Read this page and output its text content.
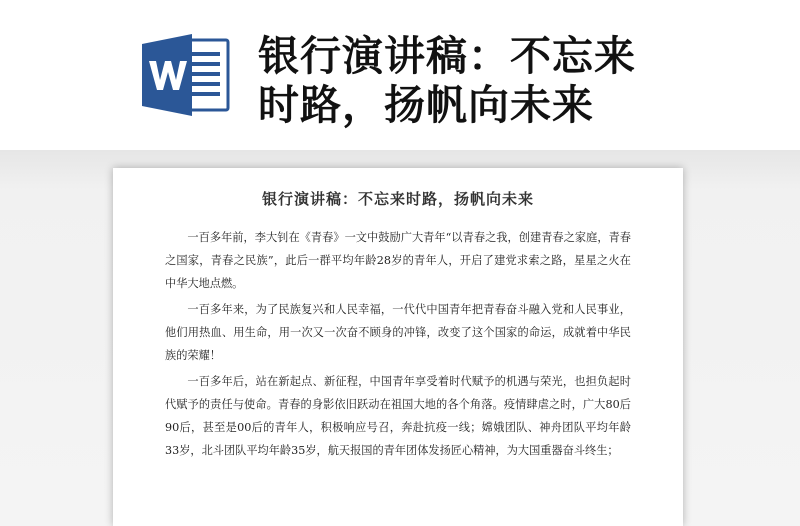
银行演讲稿：不忘来
时路，扬帆向未来
银行演讲稿：不忘来时路，扬帆向未来

一百多年前，李大钊在《青春》一文中鼓励广大青年“以青春之我，创建青春之家庭，青春之国家，青春之民族”，此后一群平均年龄28岁的青年人，开启了建党求索之路，星星之火在中华大地点燃。

一百多年来，为了民族复兴和人民幸福，一代代中国青年把青春奋斗融入党和人民事业，他们用热血、用生命，用一次又一次奋不顾身的冲锋，改变了这个国家的命运，成就着中华民族的荣耀！

一百多年后，站在新起点、新征程，中国青年享受着时代赋予的机遇与荣光，也担负起时代赋予的责任与使命。青春的身影依旧跃动在祖国大地的各个角落。疫情肆虐之时，广大80后90后，甚至是00后的青年人，积极响应号召，奔赴抗疫一线；嫦娥团队、神舟团队平均年龄33岁，北斗团队平均年龄35岁，航天报国的青年团体发扬匠心精神，为大国重器奋斗终生；
